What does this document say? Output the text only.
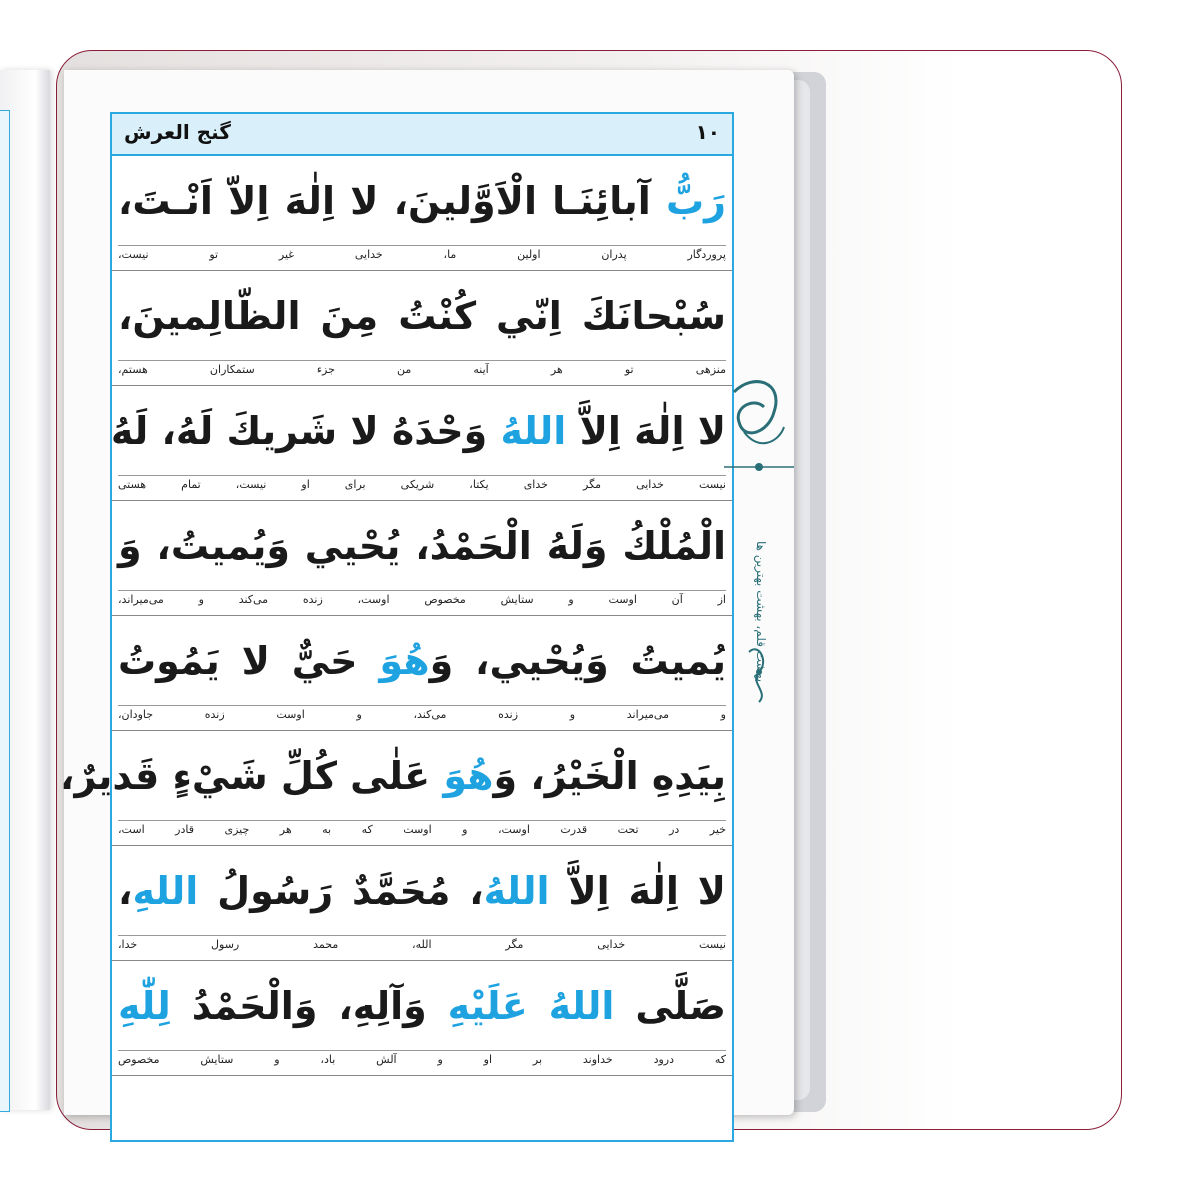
گنج العرش	۱۰
رَبُّ آبائِنَـا الْاَوَّلينَ، لا اِلٰهَ اِلاّ اَنْـتَ،
پروردگار پدران اولین ما، خدایی غیر تو نیست،
سُبْحانَكَ اِنّي كُنْتُ مِنَ الظّالِمينَ،
منزهی تو هر آینه من جزء ستمکاران هستم،
لا اِلٰهَ اِلاَّ اللهُ وَحْدَهُ لا شَريكَ لَهُ، لَهُ
نیست خدایی مگر خدای یکتا، شریکی برای او نیست، تمام هستی
الْمُلْكُ وَلَهُ الْحَمْدُ، يُحْيي وَيُميتُ، وَ
از آن اوست و ستایش مخصوص اوست، زنده می‌کند و می‌میراند،
يُميتُ وَيُحْيي، وَهُوَ حَيٌّ لا يَمُوتُ
و می‌میراند و زنده می‌کند، و اوست زنده جاودان،
بِيَدِهِ الْخَيْرُ، وَهُوَ عَلٰى كُلِّ شَيْءٍ قَديرٌ،
خیر در تحت قدرت اوست، و اوست که به هر چیزی قادر است،
لا اِلٰهَ اِلاَّ اللهُ، مُحَمَّدٌ رَسُولُ اللهِ،
نیست خدایی مگر الله، محمد رسول خدا،
صَلَّى اللهُ عَلَيْهِ وَآلِهِ، وَالْحَمْدُ لِلّٰهِ
که درود خداوند بر او و آلش باد، و ستایش مخصوص
بهشت قلم، بهشت بهترین ها
